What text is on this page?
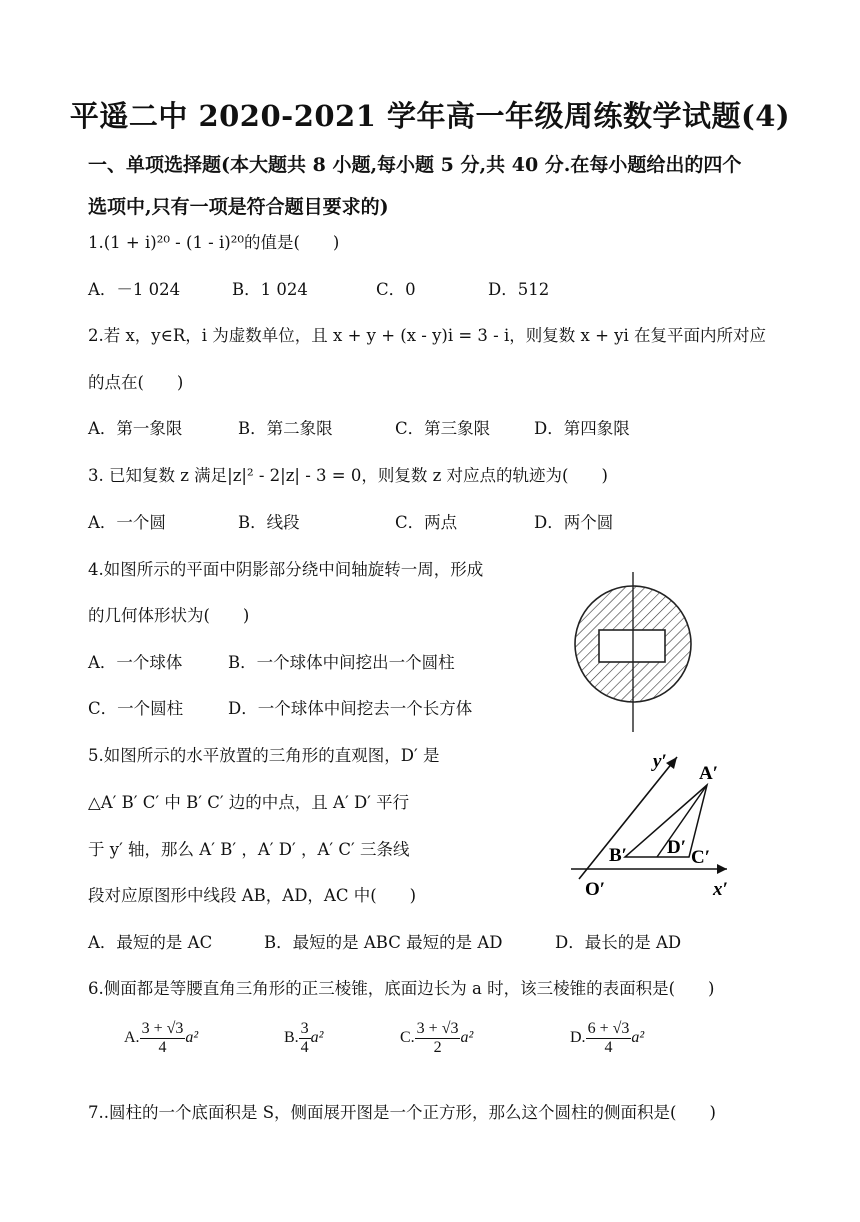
平遥二中 2020-2021 学年高一年级周练数学试题(4)
一、单项选择题(本大题共 8 小题,每小题 5 分,共 40 分.在每小题给出的四个
选项中,只有一项是符合题目要求的)
1.(1 + i)²⁰ - (1 - i)²⁰的值是(　　)
A．－1 024	B．1 024	C．0	D．512
2.若 x，y∈R，i 为虚数单位，且 x + y + (x - y)i = 3 - i，则复数 x + yi 在复平面内所对应
的点在(　　)
A．第一象限	B．第二象限	C．第三象限	D．第四象限
3. 已知复数 z 满足|z|² - 2|z| - 3 = 0，则复数 z 对应点的轨迹为(　　)
A．一个圆	B．线段	C．两点	D．两个圆
4.如图所示的平面中阴影部分绕中间轴旋转一周，形成
的几何体形状为(　　)
A．一个球体	B．一个球体中间挖出一个圆柱
C．一个圆柱	D．一个球体中间挖去一个长方体
5.如图所示的水平放置的三角形的直观图，D′ 是
△A′ B′ C′ 中 B′ C′ 边的中点，且 A′ D′ 平行
于 y′ 轴，那么 A′ B′ ，A′ D′ ，A′ C′ 三条线
段对应原图形中线段 AB，AD，AC 中(　　)
A．最短的是 AC	B．最短的是 ABC 最短的是 AD	D．最长的是 AD
y′
A′
B′ D′ C′
O′	x′
6.侧面都是等腰直角三角形的正三棱锥，底面边长为 a 时，该三棱锥的表面积是(　　)
A. $\frac{3 + √3}{4} a^2$	B. $\frac{3}{4} a^2$	C. $\frac{3 + √3}{2} a^2$	D. $\frac{6 + √3}{4} a^2$
7..圆柱的一个底面积是 S，侧面展开图是一个正方形，那么这个圆柱的侧面积是(　　)
